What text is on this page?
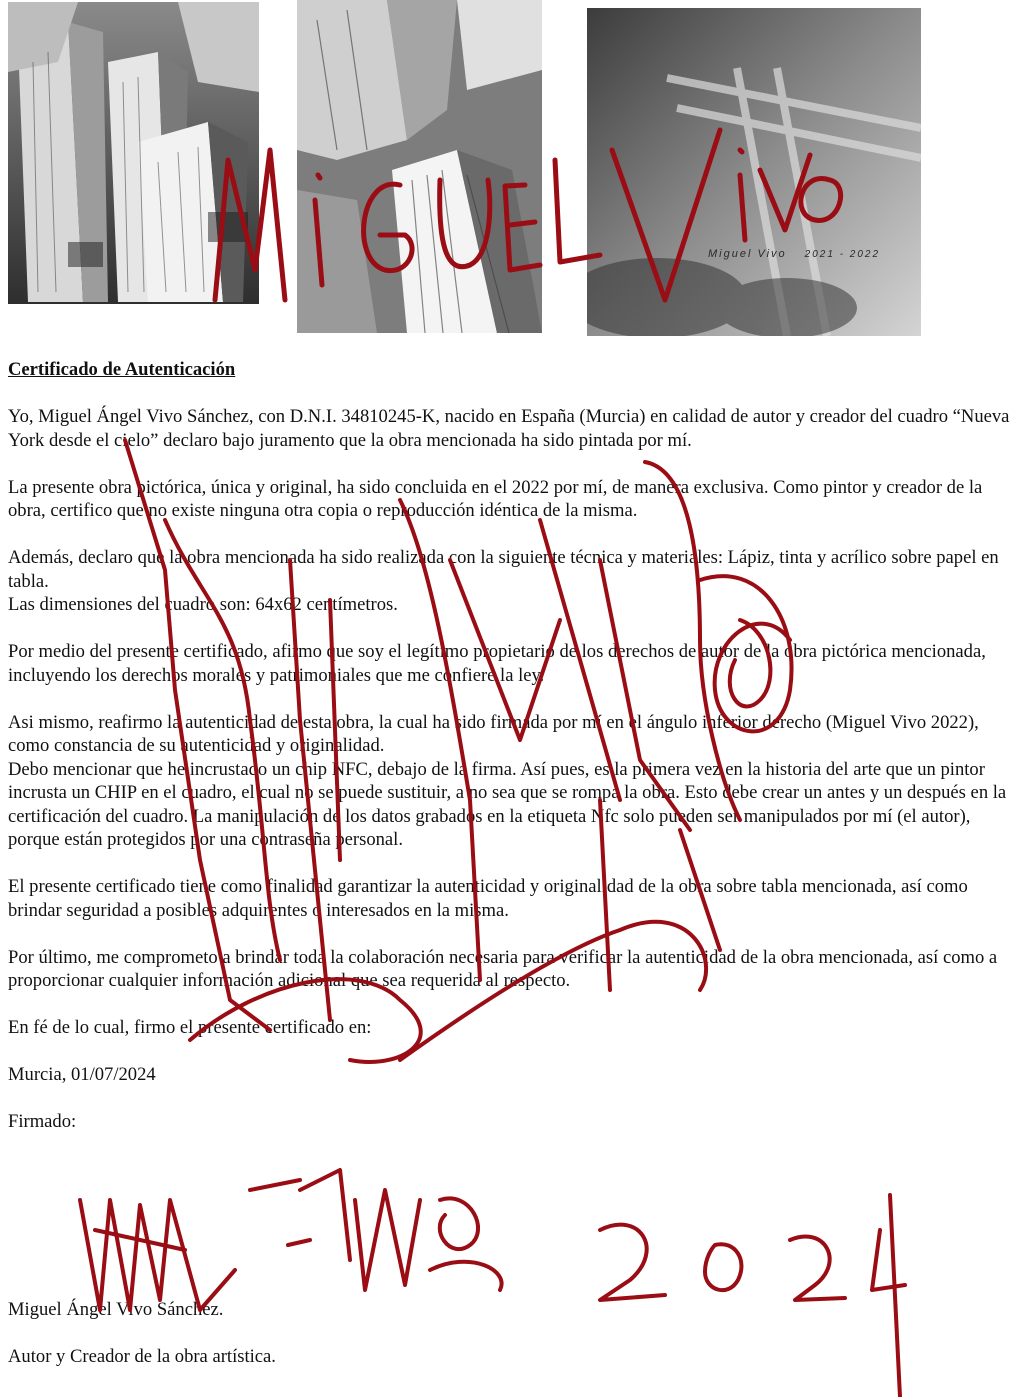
Miguel Vivo 2021 - 2022

Certificado de Autenticación

Yo, Miguel Ángel Vivo Sánchez, con D.N.I. 34810245-K, nacido en España (Murcia) en calidad de autor y creador del cuadro “Nueva York desde el cielo” declaro bajo juramento que la obra mencionada ha sido pintada por mí.

La presente obra pictórica, única y original, ha sido concluida en el 2022 por mí, de manera exclusiva. Como pintor y creador de la obra, certifico que no existe ninguna otra copia o reproducción idéntica de la misma.

Además, declaro que la obra mencionada ha sido realizada con la siguiente técnica y materiales: Lápiz, tinta y acrílico sobre papel en tabla.

Las dimensiones del cuadro son: 64x62 centímetros.

Por medio del presente certificado, afirmo que soy el legítimo propietario de los derechos de autor de la obra pictórica mencionada, incluyendo los derechos morales y patrimoniales que me confiere la ley.

Asi mismo, reafirmo la autenticidad de esta obra, la cual ha sido firmada por mí en el ángulo inferior derecho (Miguel Vivo 2022), como constancia de su autenticidad y originalidad.

Debo mencionar que he incrustado un chip NFC, debajo de la firma. Así pues, es la primera vez en la historia del arte que un pintor incrusta un CHIP en el cuadro, el cual no se puede sustituir, a no sea que se rompa la obra. Esto debe crear un antes y un después en la certificación del cuadro. La manipulación de los datos grabados en la etiqueta Nfc solo pueden ser manipulados por mí (el autor), porque están protegidos por una contraseña personal.

El presente certificado tiene como finalidad garantizar la autenticidad y originalidad de la obra sobre tabla mencionada, así como brindar seguridad a posibles adquirentes o interesados en la misma.

Por último, me comprometo a brindar toda la colaboración necesaria para verificar la autenticidad de la obra mencionada, así como a proporcionar cualquier información adicional que sea requerida al respecto.

En fé de lo cual, firmo el presente certificado en:

Murcia, 01/07/2024

Firmado:

Miguel Ángel Vivo Sánchez.

Autor y Creador de la obra artística.
